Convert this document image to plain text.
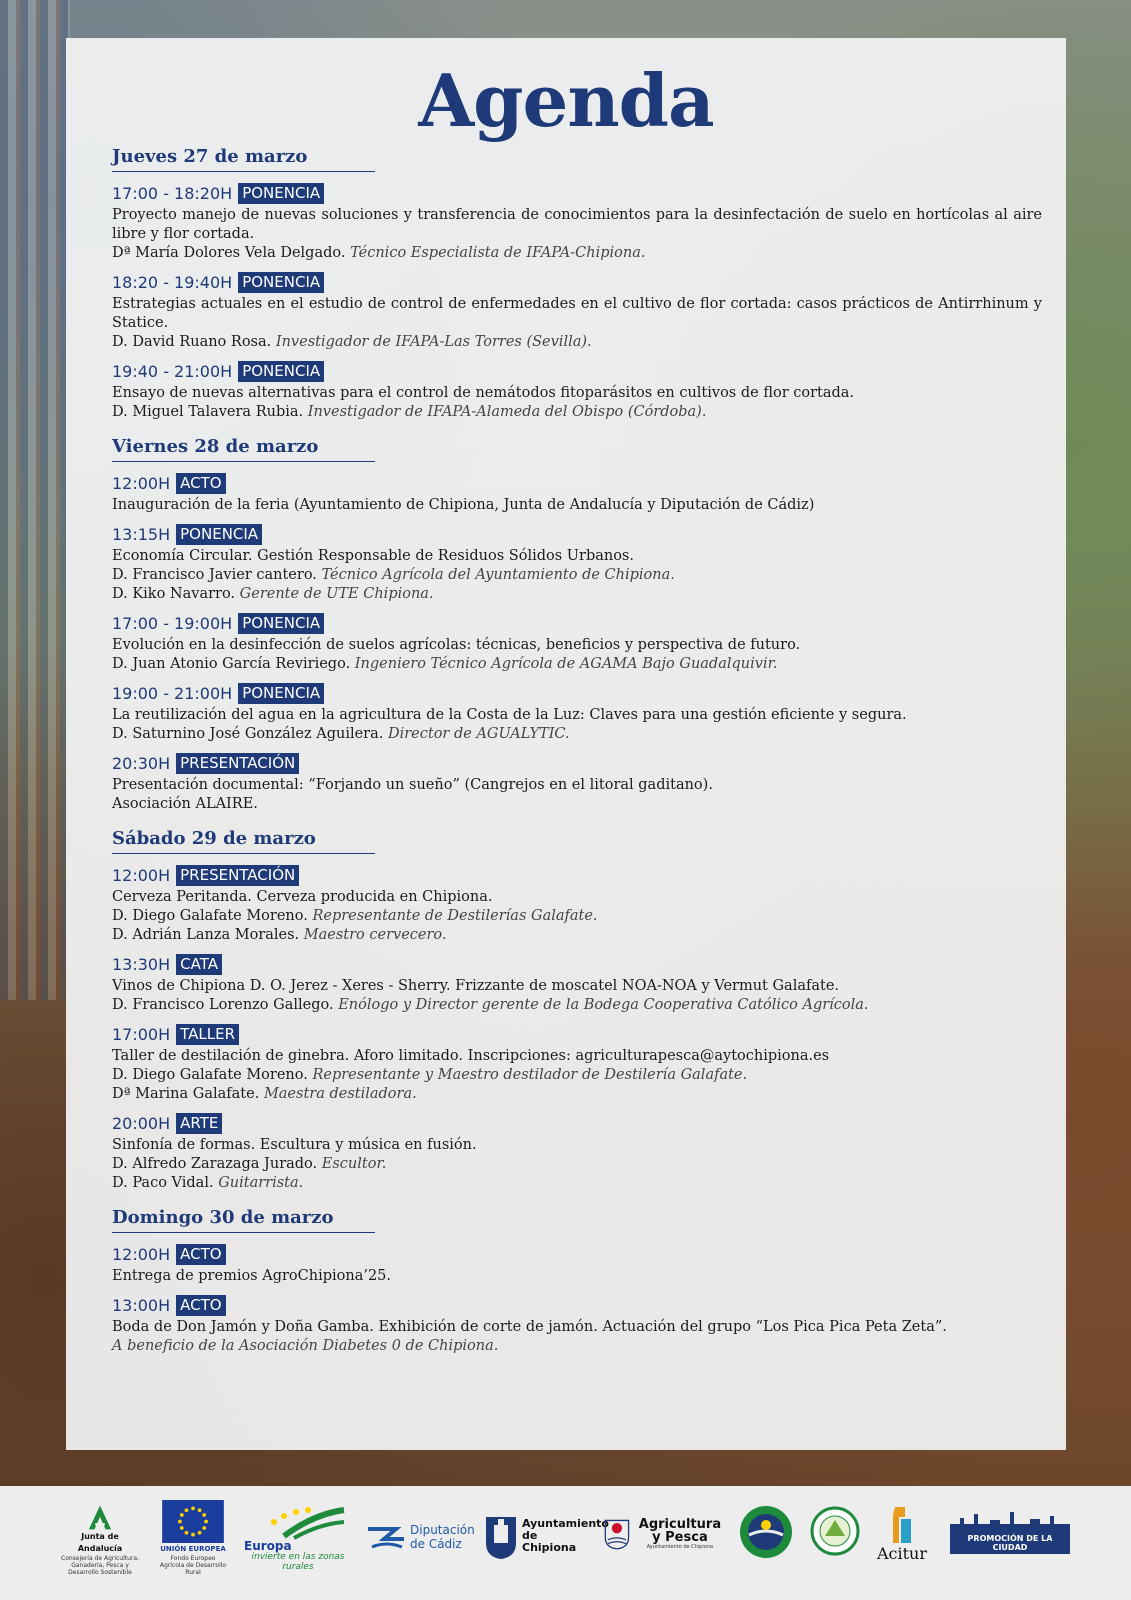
Agenda
Jueves 27 de marzo
17:00 - 18:20H PONENCIA
Proyecto manejo de nuevas soluciones y transferencia de conocimientos para la desinfectación de suelo en hortícolas al aire libre y flor cortada.
Dª María Dolores Vela Delgado. Técnico Especialista de IFAPA-Chipiona.
18:20 - 19:40H PONENCIA
Estrategias actuales en el estudio de control de enfermedades en el cultivo de flor cortada: casos prácticos de Antirrhinum y Statice.
D. David Ruano Rosa. Investigador de IFAPA-Las Torres (Sevilla).
19:40 - 21:00H PONENCIA
Ensayo de nuevas alternativas para el control de nemátodos fitoparásitos en cultivos de flor cortada.
D. Miguel Talavera Rubia. Investigador de IFAPA-Alameda del Obispo (Córdoba).
Viernes 28 de marzo
12:00H ACTO
Inauguración de la feria (Ayuntamiento de Chipiona, Junta de Andalucía y Diputación de Cádiz)
13:15H PONENCIA
Economía Circular. Gestión Responsable de Residuos Sólidos Urbanos.
D. Francisco Javier cantero. Técnico Agrícola del Ayuntamiento de Chipiona.
D. Kiko Navarro. Gerente de UTE Chipiona.
17:00 - 19:00H PONENCIA
Evolución en la desinfección de suelos agrícolas: técnicas, beneficios y perspectiva de futuro.
D. Juan Atonio García Reviriego. Ingeniero Técnico Agrícola de AGAMA Bajo Guadalquivir.
19:00 - 21:00H PONENCIA
La reutilización del agua en la agricultura de la Costa de la Luz: Claves para una gestión eficiente y segura.
D. Saturnino José González Aguilera. Director de AGUALYTIC.
20:30H PRESENTACIÓN
Presentación documental: “Forjando un sueño” (Cangrejos en el litoral gaditano).
Asociación ALAIRE.
Sábado 29 de marzo
12:00H PRESENTACIÓN
Cerveza Peritanda. Cerveza producida en Chipiona.
D. Diego Galafate Moreno. Representante de Destilerías Galafate.
D. Adrián Lanza Morales. Maestro cervecero.
13:30H CATA
Vinos de Chipiona D. O. Jerez - Xeres - Sherry. Frizzante de moscatel NOA-NOA y Vermut Galafate.
D. Francisco Lorenzo Gallego. Enólogo y Director gerente de la Bodega Cooperativa Católico Agrícola.
17:00H TALLER
Taller de destilación de ginebra. Aforo limitado. Inscripciones: agriculturapesca@aytochipiona.es
D. Diego Galafate Moreno. Representante y Maestro destilador de Destilería Galafate.
Dª Marina Galafate. Maestra destiladora.
20:00H ARTE
Sinfonía de formas. Escultura y música en fusión.
D. Alfredo Zarazaga Jurado. Escultor.
D. Paco Vidal. Guitarrista.
Domingo 30 de marzo
12:00H ACTO
Entrega de premios AgroChipiona’25.
13:00H ACTO
Boda de Don Jamón y Doña Gamba. Exhibición de corte de jamón. Actuación del grupo “Los Pica Pica Peta Zeta”.
A beneficio de la Asociación Diabetes 0 de Chipiona.
Junta de Andalucía
Consejería de Agricultura, Ganadería, Pesca y Desarrollo Sostenible
UNIÓN EUROPEA
Fondo Europeo Agrícola de Desarrollo Rural
Europa
invierte en las zonas rurales
Diputación de Cádiz
Ayuntamiento de Chipiona
Agricultura y Pesca
Ayuntamiento de Chipiona	Acitur
PROMOCIÓN DE LA CIUDAD
